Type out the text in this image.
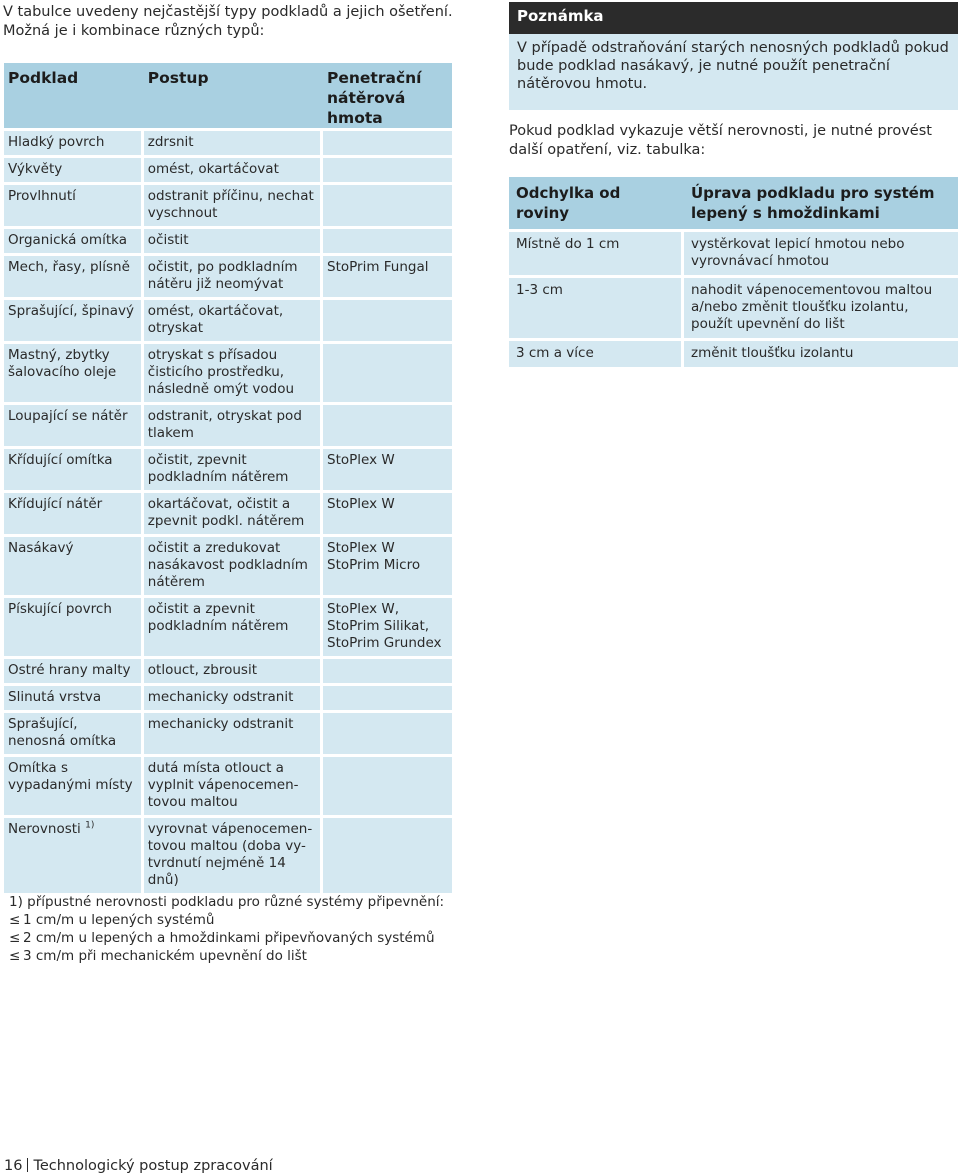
V tabulce uvedeny nejčastější typy podkladů a jejich ošetření.
Možná je i kombinace různých typů:
Podklad	Postup	Penetrační nátěrová hmota
Hladký povrch	zdrsnit	
Výkvěty	omést, okartáčovat	
Provlhnutí	odstranit příčinu, nechat vyschnout	
Organická omítka	očistit	
Mech, řasy, plísně	očistit, po podkladním nátěru již neomývat	StoPrim Fungal
Sprašující, špinavý	omést, okartáčovat, otryskat	
Mastný, zbytky šalovacího oleje	otryskat s přísadou čisticího prostředku, následně omýt vodou	
Loupající se nátěr	odstranit, otryskat pod tlakem	
Křídující omítka	očistit, zpevnit podkladním nátěrem	StoPlex W
Křídující nátěr	okartáčovat, očistit a zpevnit podkl. nátěrem	StoPlex W
Nasákavý	očistit a zredukovat nasákavost podkladním nátěrem	StoPlex W StoPrim Micro
Pískující povrch	očistit a zpevnit podkladním nátěrem	StoPlex W, StoPrim Silikat, StoPrim Grundex
Ostré hrany malty	otlouct, zbrousit	
Slinutá vrstva	mechanicky odstranit	
Sprašující, nenosná omítka	mechanicky odstranit	
Omítka s vypadanými místy	dutá místa otlouct a vyplnit vápenocemen-tovou maltou	
Nerovnosti $^{1)}$	vyrovnat vápenocemen-tovou maltou (doba vy-tvrdnutí nejméně 14 dnů)	
1) přípustné nerovnosti podkladu pro různé systémy připevnění:
≤ 1 cm/m u lepených systémů
≤ 2 cm/m u lepených a hmoždinkami připevňovaných systémů
≤ 3 cm/m při mechanickém upevnění do lišt
Poznámka
V případě odstraňování starých nenosných podkladů pokud bude podklad nasákavý, je nutné použít penetrační nátěrovou hmotu.
Pokud podklad vykazuje větší nerovnosti, je nutné provést další opatření, viz. tabulka:
Odchylka od roviny	Úprava podkladu pro systém lepený s hmoždinkami
Místně do 1 cm	vystěrkovat lepicí hmotou nebo vyrovnávací hmotou
1-3 cm	nahodit vápenocementovou maltou a/nebo změnit tloušťku izolantu, použít upevnění do lišt
3 cm a více	změnit tloušťku izolantu
16 Technologický postup zpracování
